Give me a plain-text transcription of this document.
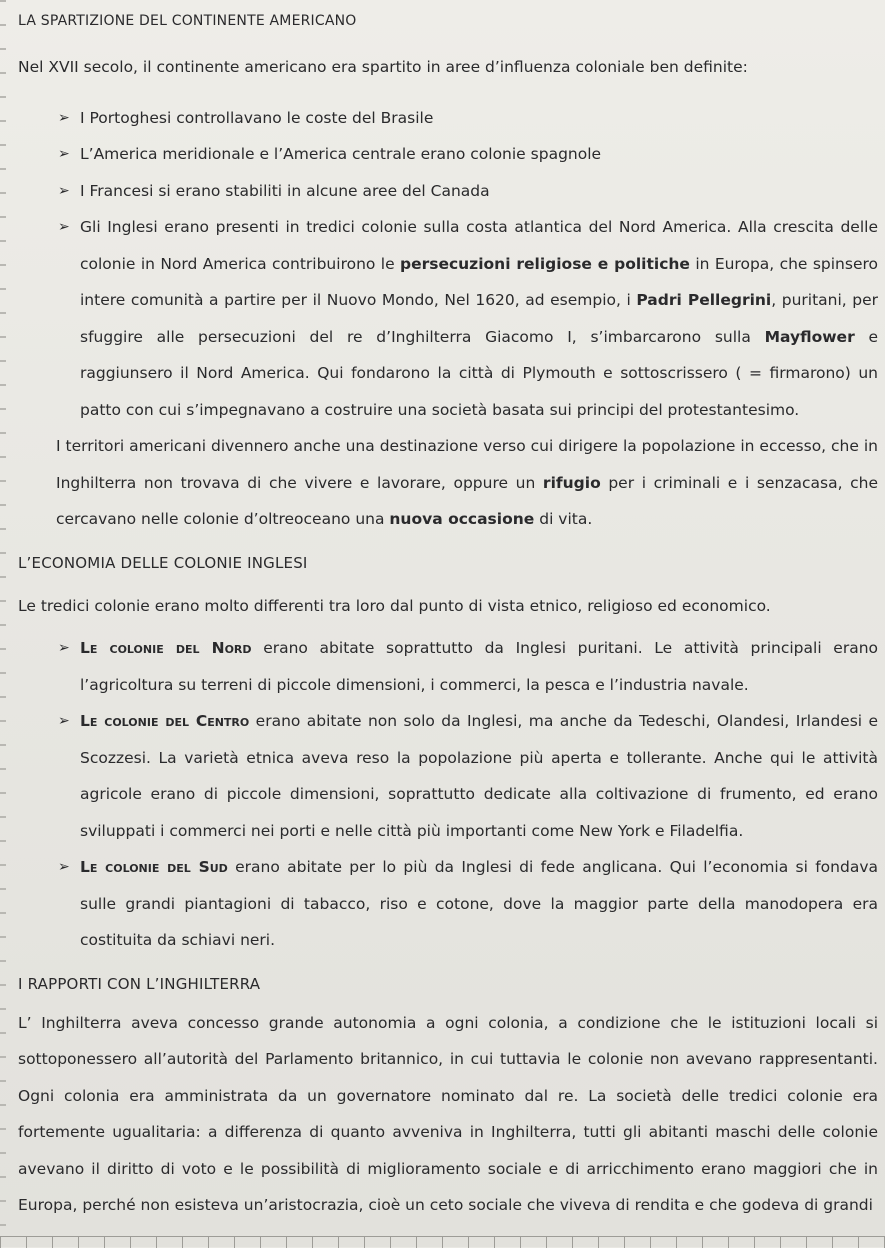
LA SPARTIZIONE DEL CONTINENTE AMERICANO

Nel XVII secolo, il continente americano era spartito in aree d’influenza coloniale ben definite:

➢ I Portoghesi controllavano le coste del Brasile
➢ L’America meridionale e l’America centrale erano colonie spagnole
➢ I Francesi si erano stabiliti in alcune aree del Canada
➢ Gli Inglesi erano presenti in tredici colonie sulla costa atlantica del Nord America. Alla crescita delle colonie in Nord America contribuirono le persecuzioni religiose e politiche in Europa, che spinsero intere comunità a partire per il Nuovo Mondo, Nel 1620, ad esempio, i Padri Pellegrini, puritani, per sfuggire alle persecuzioni del re d’Inghilterra Giacomo I, s’imbarcarono sulla Mayflower e raggiunsero il Nord America. Qui fondarono la città di Plymouth e sottoscrissero ( = firmarono) un patto con cui s’impegnavano a costruire una società basata sui principi del protestantesimo.

I territori americani divennero anche una destinazione verso cui dirigere la popolazione in eccesso, che in Inghilterra non trovava di che vivere e lavorare, oppure un rifugio per i criminali e i senzacasa, che cercavano nelle colonie d’oltreoceano una nuova occasione di vita.

L’ECONOMIA DELLE COLONIE INGLESI

Le tredici colonie erano molto differenti tra loro dal punto di vista etnico, religioso ed economico.

➢ Le colonie del Nord erano abitate soprattutto da Inglesi puritani. Le attività principali erano l’agricoltura su terreni di piccole dimensioni, i commerci, la pesca e l’industria navale.
➢ Le colonie del Centro erano abitate non solo da Inglesi, ma anche da Tedeschi, Olandesi, Irlandesi e Scozzesi. La varietà etnica aveva reso la popolazione più aperta e tollerante. Anche qui le attività agricole erano di piccole dimensioni, soprattutto dedicate alla coltivazione di frumento, ed erano sviluppati i commerci nei porti e nelle città più importanti come New York e Filadelfia.
➢ Le colonie del Sud erano abitate per lo più da Inglesi di fede anglicana. Qui l’economia si fondava sulle grandi piantagioni di tabacco, riso e cotone, dove la maggior parte della manodopera era costituita da schiavi neri.
I RAPPORTI CON L’INGHILTERRA

L’ Inghilterra aveva concesso grande autonomia a ogni colonia, a condizione che le istituzioni locali si sottoponessero all’autorità del Parlamento britannico, in cui tuttavia le colonie non avevano rappresentanti. Ogni colonia era amministrata da un governatore nominato dal re. La società delle tredici colonie era fortemente ugualitaria: a differenza di quanto avveniva in Inghilterra, tutti gli abitanti maschi delle colonie avevano il diritto di voto e le possibilità di miglioramento sociale e di arricchimento erano maggiori che in Europa, perché non esisteva un’aristocrazia, cioè un ceto sociale che viveva di rendita e che godeva di grandi
